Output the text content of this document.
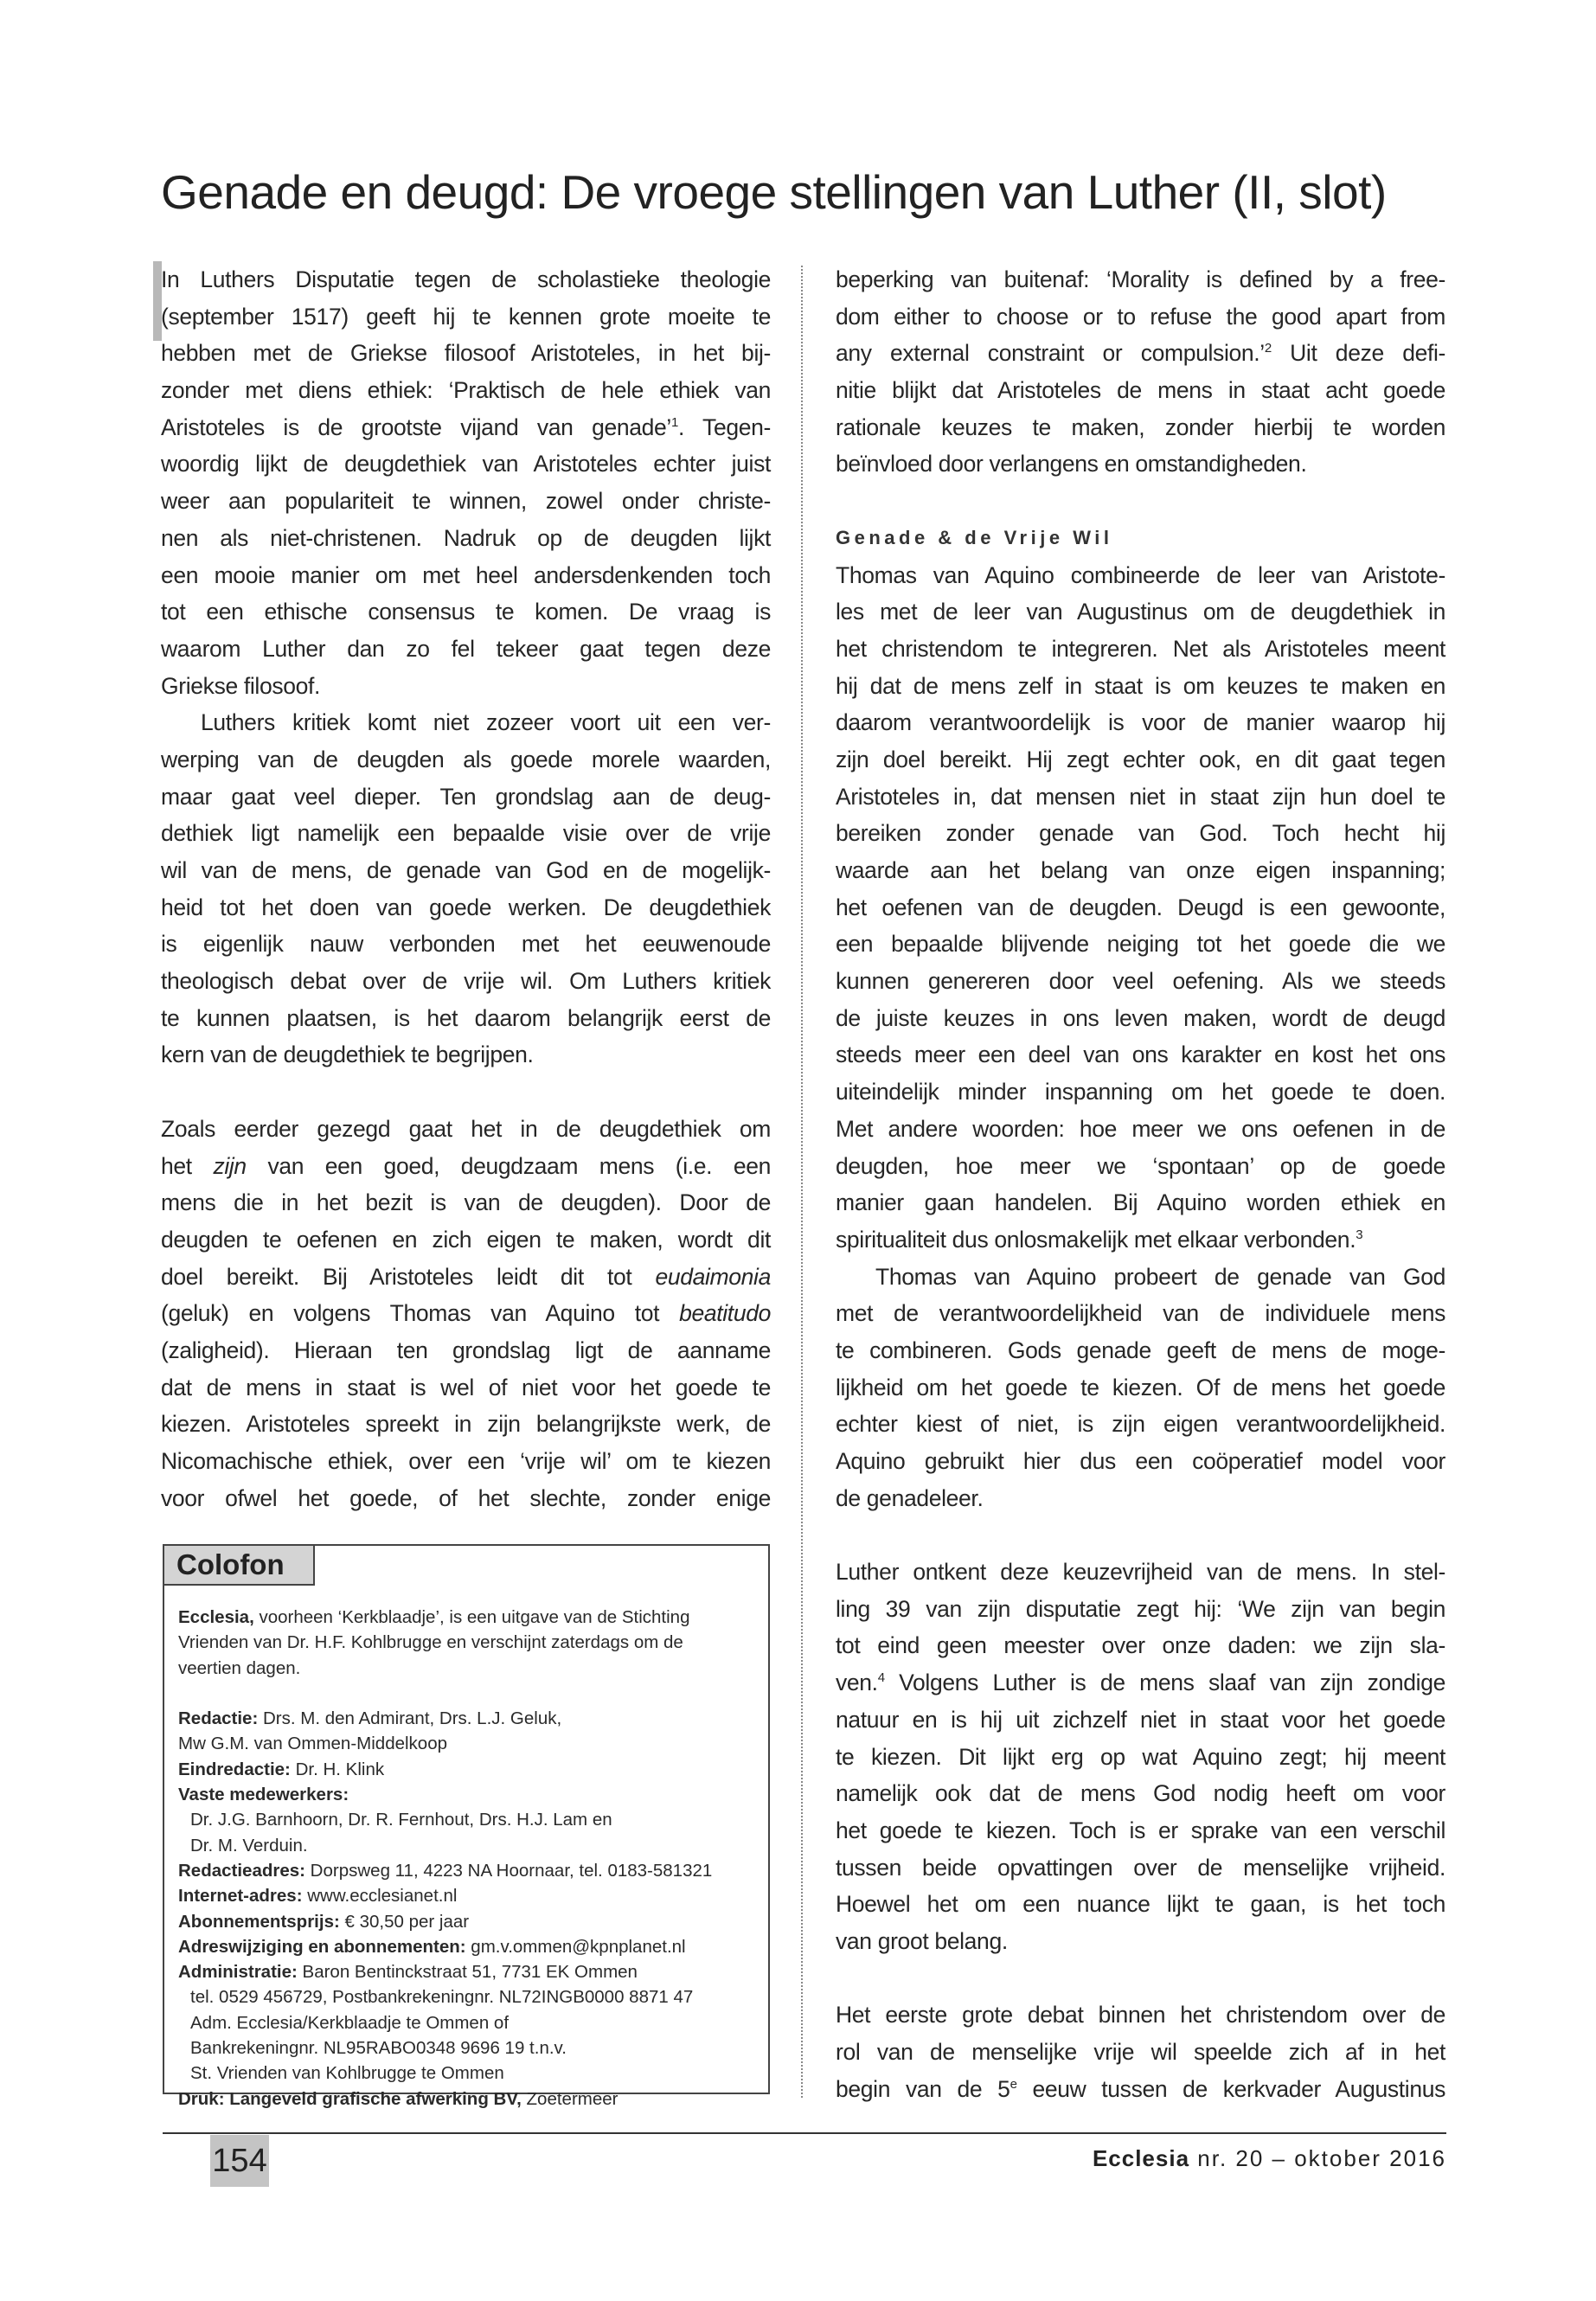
Genade en deugd: De vroege stellingen van Luther (II, slot)
In Luthers Disputatie tegen de scholastieke theologie
(september 1517) geeft hij te kennen grote moeite te
hebben met de Griekse filosoof Aristoteles, in het bij-
zonder met diens ethiek: ‘Praktisch de hele ethiek van
Aristoteles is de grootste vijand van genade’$^1$. Tegen-
woordig lijkt de deugdethiek van Aristoteles echter juist
weer aan populariteit te winnen, zowel onder christe-
nen als niet-christenen. Nadruk op de deugden lijkt
een mooie manier om met heel andersdenkenden toch
tot een ethische consensus te komen. De vraag is
waarom Luther dan zo fel tekeer gaat tegen deze
Griekse filosoof.
Luthers kritiek komt niet zozeer voort uit een ver-
werping van de deugden als goede morele waarden,
maar gaat veel dieper. Ten grondslag aan de deug-
dethiek ligt namelijk een bepaalde visie over de vrije
wil van de mens, de genade van God en de mogelijk-
heid tot het doen van goede werken. De deugdethiek
is eigenlijk nauw verbonden met het eeuwenoude
theologisch debat over de vrije wil. Om Luthers kritiek
te kunnen plaatsen, is het daarom belangrijk eerst de
kern van de deugdethiek te begrijpen.
Zoals eerder gezegd gaat het in de deugdethiek om
het zijn van een goed, deugdzaam mens (i.e. een
mens die in het bezit is van de deugden). Door de
deugden te oefenen en zich eigen te maken, wordt dit
doel bereikt. Bij Aristoteles leidt dit tot eudaimonia
(geluk) en volgens Thomas van Aquino tot beatitudo
(zaligheid). Hieraan ten grondslag ligt de aanname
dat de mens in staat is wel of niet voor het goede te
kiezen. Aristoteles spreekt in zijn belangrijkste werk, de
Nicomachische ethiek, over een ‘vrije wil’ om te kiezen
voor ofwel het goede, of het slechte, zonder enige
beperking van buitenaf: ‘Morality is defined by a free-
dom either to choose or to refuse the good apart from
any external constraint or compulsion.’$^2$ Uit deze defi-
nitie blijkt dat Aristoteles de mens in staat acht goede
rationale keuzes te maken, zonder hierbij te worden
beïnvloed door verlangens en omstandigheden.
Genade & de Vrije Wil
Thomas van Aquino combineerde de leer van Aristote-
les met de leer van Augustinus om de deugdethiek in
het christendom te integreren. Net als Aristoteles meent
hij dat de mens zelf in staat is om keuzes te maken en
daarom verantwoordelijk is voor de manier waarop hij
zijn doel bereikt. Hij zegt echter ook, en dit gaat tegen
Aristoteles in, dat mensen niet in staat zijn hun doel te
bereiken zonder genade van God. Toch hecht hij
waarde aan het belang van onze eigen inspanning;
het oefenen van de deugden. Deugd is een gewoonte,
een bepaalde blijvende neiging tot het goede die we
kunnen genereren door veel oefening. Als we steeds
de juiste keuzes in ons leven maken, wordt de deugd
steeds meer een deel van ons karakter en kost het ons
uiteindelijk minder inspanning om het goede te doen.
Met andere woorden: hoe meer we ons oefenen in de
deugden, hoe meer we ‘spontaan’ op de goede
manier gaan handelen. Bij Aquino worden ethiek en
spiritualiteit dus onlosmakelijk met elkaar verbonden.$^3$
Thomas van Aquino probeert de genade van God
met de verantwoordelijkheid van de individuele mens
te combineren. Gods genade geeft de mens de moge-
lijkheid om het goede te kiezen. Of de mens het goede
echter kiest of niet, is zijn eigen verantwoordelijkheid.
Aquino gebruikt hier dus een coöperatief model voor
de genadeleer.
Luther ontkent deze keuzevrijheid van de mens. In stel-
ling 39 van zijn disputatie zegt hij: ‘We zijn van begin
tot eind geen meester over onze daden: we zijn sla-
ven.$^4$ Volgens Luther is de mens slaaf van zijn zondige
natuur en is hij uit zichzelf niet in staat voor het goede
te kiezen. Dit lijkt erg op wat Aquino zegt; hij meent
namelijk ook dat de mens God nodig heeft om voor
het goede te kiezen. Toch is er sprake van een verschil
tussen beide opvattingen over de menselijke vrijheid.
Hoewel het om een nuance lijkt te gaan, is het toch
van groot belang.
Het eerste grote debat binnen het christendom over de
rol van de menselijke vrije wil speelde zich af in het
begin van de 5e eeuw tussen de kerkvader Augustinus
Colofon
Ecclesia, voorheen ‘Kerkblaadje’, is een uitgave van de Stichting
Vrienden van Dr. H.F. Kohlbrugge en verschijnt zaterdags om de
veertien dagen.
Redactie: Drs. M. den Admirant, Drs. L.J. Geluk,
Mw G.M. van Ommen-Middelkoop
Eindredactie: Dr. H. Klink
Vaste medewerkers:
Dr. J.G. Barnhoorn, Dr. R. Fernhout, Drs. H.J. Lam en
Dr. M. Verduin.
Redactieadres: Dorpsweg 11, 4223 NA Hoornaar, tel. 0183-581321
Internet-adres: www.ecclesianet.nl
Abonnementsprijs: € 30,50 per jaar
Adreswijziging en abonnementen: gm.v.ommen@kpnplanet.nl
Administratie: Baron Bentinckstraat 51, 7731 EK Ommen
tel. 0529 456729, Postbankrekeningnr. NL72INGB0000 8871 47
Adm. Ecclesia/Kerkblaadje te Ommen of
Bankrekeningnr. NL95RABO0348 9696 19 t.n.v.
St. Vrienden van Kohlbrugge te Ommen
Druk: Langeveld grafische afwerking BV, Zoetermeer
154	Ecclesia nr. 20 – oktober 2016
